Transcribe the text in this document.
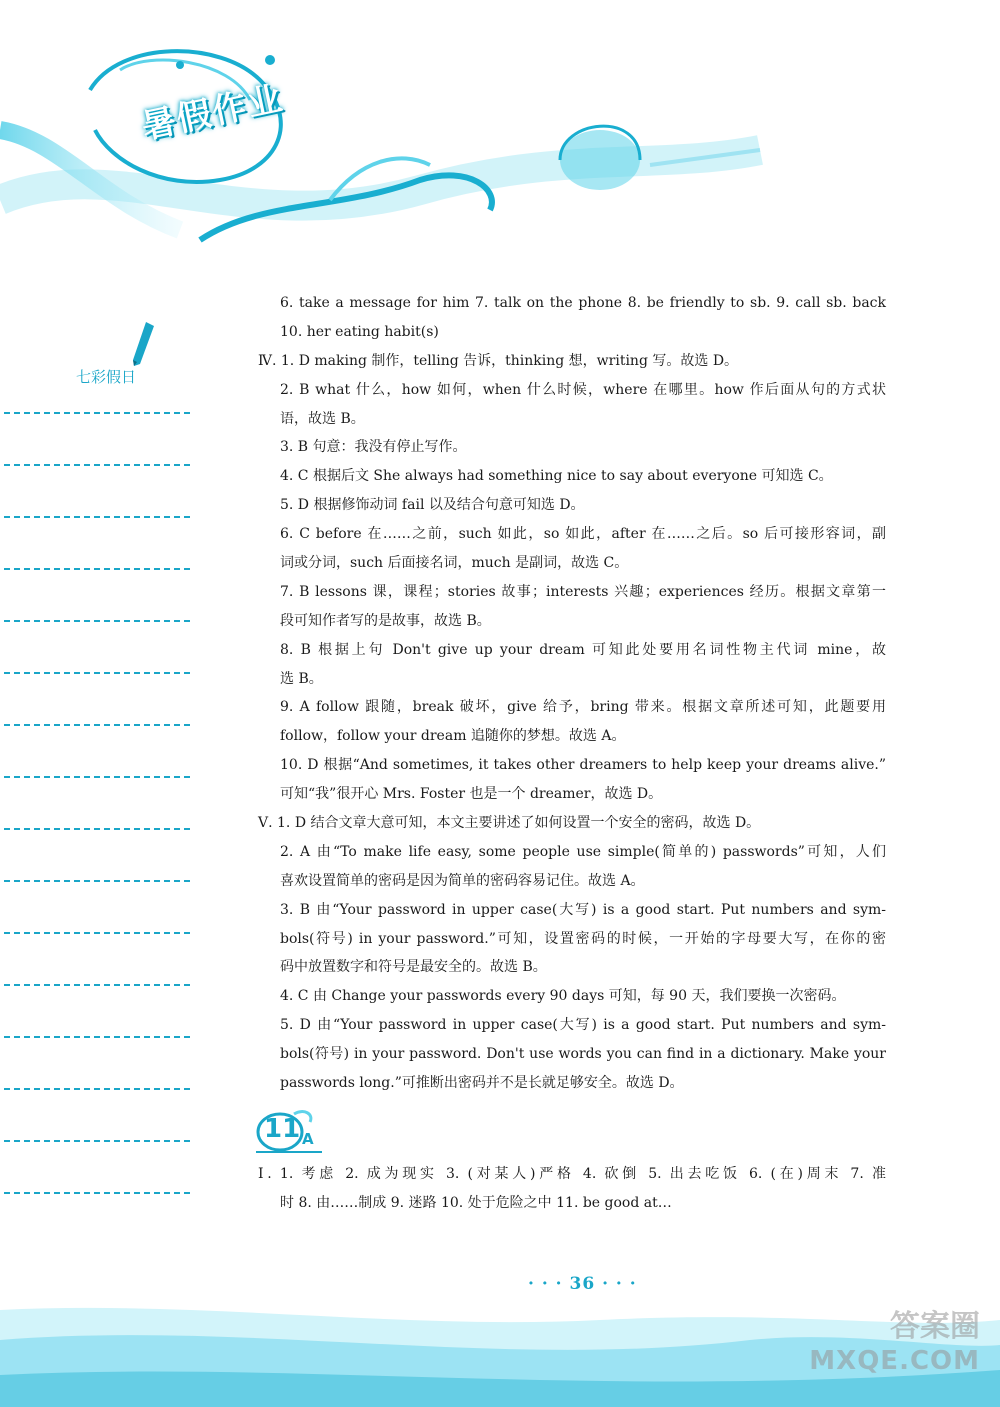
暑假作业
七彩假日
6. take a message for him 7. talk on the phone 8. be friendly to sb. 9. call sb. back
10. her eating habit(s)
Ⅳ. 1. D making 制作，telling 告诉，thinking 想，writing 写。故选 D。
2. B what 什么，how 如何，when 什么时候，where 在哪里。how 作后面从句的方式状
语，故选 B。
3. B 句意：我没有停止写作。
4. C 根据后文 She always had something nice to say about everyone 可知选 C。
5. D 根据修饰动词 fail 以及结合句意可知选 D。
6. C before 在……之前，such 如此，so 如此，after 在……之后。so 后可接形容词，副
词或分词，such 后面接名词，much 是副词，故选 C。
7. B lessons 课，课程；stories 故事；interests 兴趣；experiences 经历。根据文章第一
段可知作者写的是故事，故选 B。
8. B 根据上句 Don't give up your dream 可知此处要用名词性物主代词 mine，故
选 B。
9. A follow 跟随，break 破坏，give 给予，bring 带来。根据文章所述可知，此题要用
follow，follow your dream 追随你的梦想。故选 A。
10. D 根据“And sometimes, it takes other dreamers to help keep your dreams alive.”
可知“我”很开心 Mrs. Foster 也是一个 dreamer，故选 D。
Ⅴ. 1. D 结合文章大意可知，本文主要讲述了如何设置一个安全的密码，故选 D。
2. A 由“To make life easy, some people use simple(简单的) passwords”可知，人们
喜欢设置简单的密码是因为简单的密码容易记住。故选 A。
3. B 由“Your password in upper case(大写) is a good start. Put numbers and sym-
bols(符号) in your password.”可知，设置密码的时候，一开始的字母要大写，在你的密
码中放置数字和符号是最安全的。故选 B。
4. C 由 Change your passwords every 90 days 可知，每 90 天，我们要换一次密码。
5. D 由“Your password in upper case(大写) is a good start. Put numbers and sym-
bols(符号) in your password. Don't use words you can find in a dictionary. Make your
passwords long.”可推断出密码并不是长就足够安全。故选 D。
11 A
Ⅰ. 1. 考虑 2. 成为现实 3. (对某人)严格 4. 砍倒 5. 出去吃饭 6. (在)周末 7. 准
时 8. 由……制成 9. 迷路 10. 处于危险之中 11. be good at…
· · · 36 · · ·
答案圈
MXQE.COM
